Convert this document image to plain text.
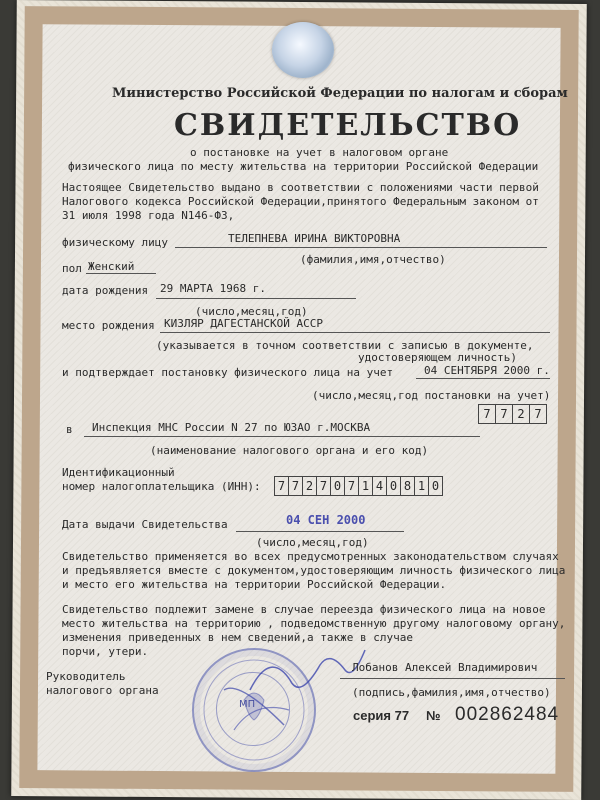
Министерство Российской Федерации по налогам и сборам
СВИДЕТЕЛЬСТВО
о постановке на учет в налоговом органе
физического лица по месту жительства на территории Российской Федерации
Настоящее Свидетельство выдано в соответствии с положениями части первой
Налогового кодекса Российской Федерации,принятого Федеральным законом от
31 июля 1998 года N146-ФЗ,
физическому лицу	ТЕЛЕПНЕВА ИРИНА ВИКТОРОВНА
(фамилия,имя,отчество)
пол Женский
дата рождения 29 МАРТА 1968 г.
(число,месяц,год)
место рождения КИЗЛЯР ДАГЕСТАНСКОЙ АССР
(указывается в точном соответствии с записью в документе,
удостоверяющем личность)
и подтверждает постановку физического лица на учет	04 СЕНТЯБРЯ 2000 г.
(число,месяц,год постановки на учет)
7 7 2 7
в Инспекция МНС России N 27 по ЮЗАО г.МОСКВА
(наименование налогового органа и его код)
Идентификационный
номер налогоплательщика (ИНН):	7 7 2 7 0 7 1 4 0 8 1 0
Дата выдачи Свидетельства	04 СЕН 2000
(число,месяц,год)
Свидетельство применяется во всех предусмотренных законодательством случаях
и предъявляется вместе с документом,удостоверяющим личность физического лица
и место его жительства на территории Российской Федерации.
Свидетельство подлежит замене в случае переезда физического лица на новое
место жительства на территорию , подведомственную другому налоговому органу,
изменения приведенных в нем сведений,а также в случае
порчи, утери.
Руководитель
налогового органа
МП
Лобанов Алексей Владимирович
(подпись,фамилия,имя,отчество)
серия 77 № 002862484
